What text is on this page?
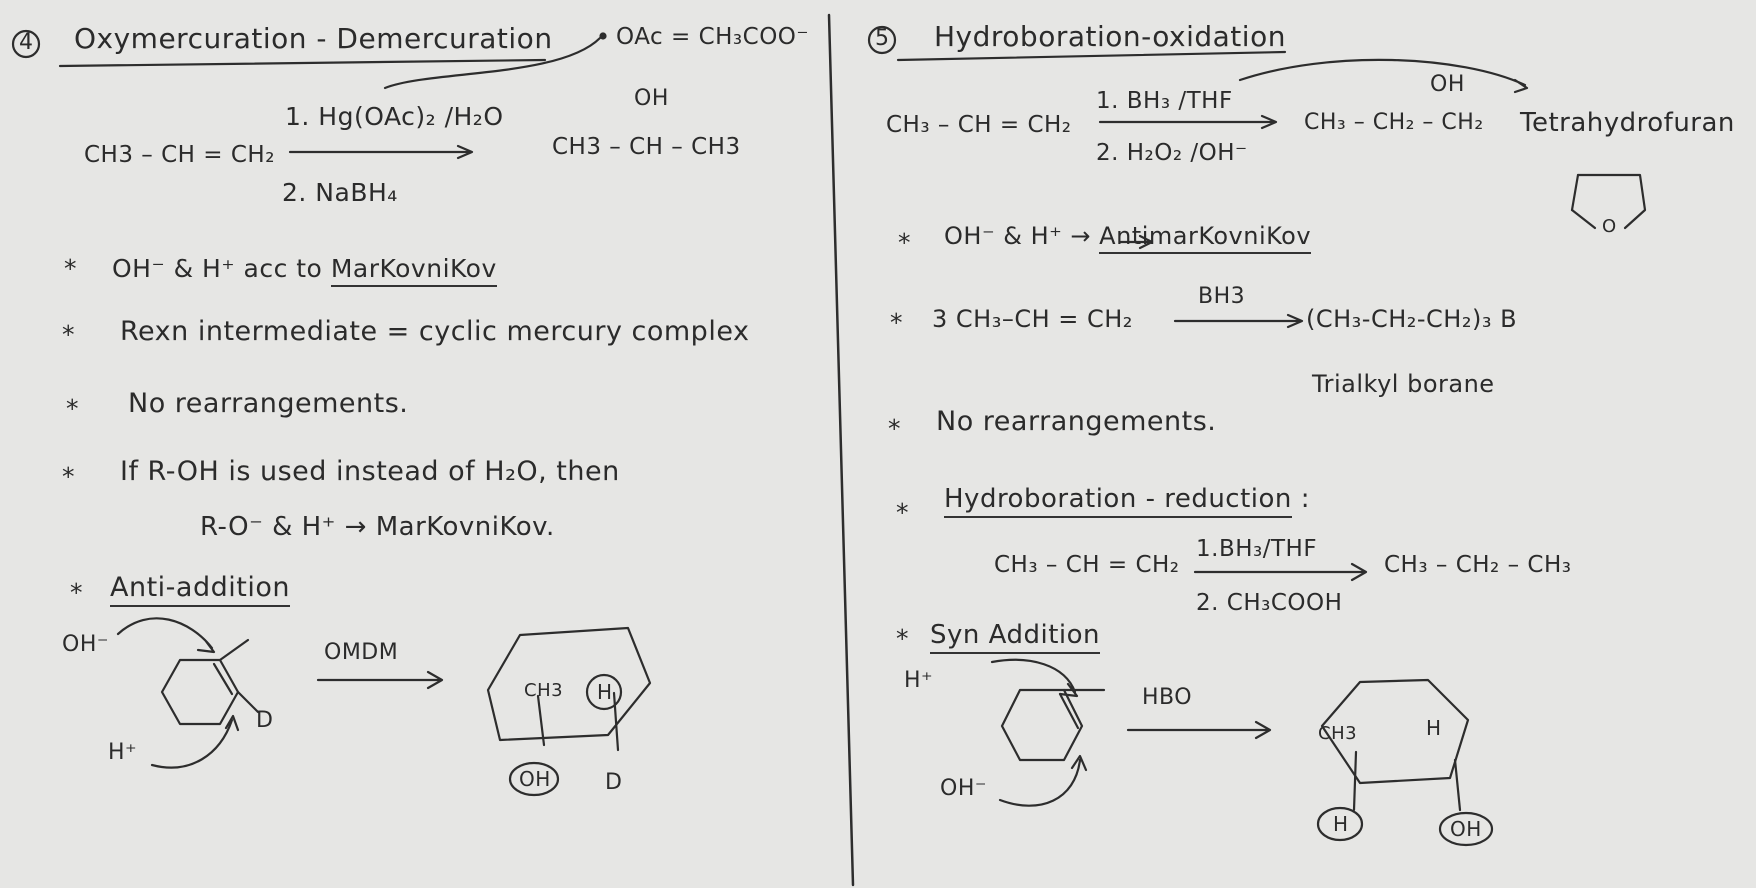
4 Oxymercuration - Demercuration	OAc = CH₃COO⁻
1. Hg(OAc)₂ /H₂O
CH3 – CH = CH₂
2. NaBH₄
OH
CH3 – CH – CH3
* OH⁻ & H⁺ acc to MarKovniKov
* Rexn intermediate = cyclic mercury complex
* No rearrangements.
* If R-OH is used instead of H₂O, then
R-O⁻ & H⁺ → MarKovniKov.
* Anti-addition
OH⁻
H⁺
D
OMDM
CH3 H
OH D
5 Hydroboration-oxidation
1. BH₃ /THF
CH₃ – CH = CH₂
2. H₂O₂ /OH⁻
OH
CH₃ – CH₂ – CH₂ Tetrahydrofuran
O
* OH⁻ & H⁺ → AntimarKovniKov
* 3 CH₃–CH = CH₂
BH3
(CH₃-CH₂-CH₂)₃ B
Trialkyl borane
* No rearrangements.
* Hydroboration - reduction :
1.BH₃/THF
CH₃ – CH = CH₂
2. CH₃COOH
CH₃ – CH₂ – CH₃
* Syn Addition
H⁺
OH⁻
HBO
CH3	H
H	OH
